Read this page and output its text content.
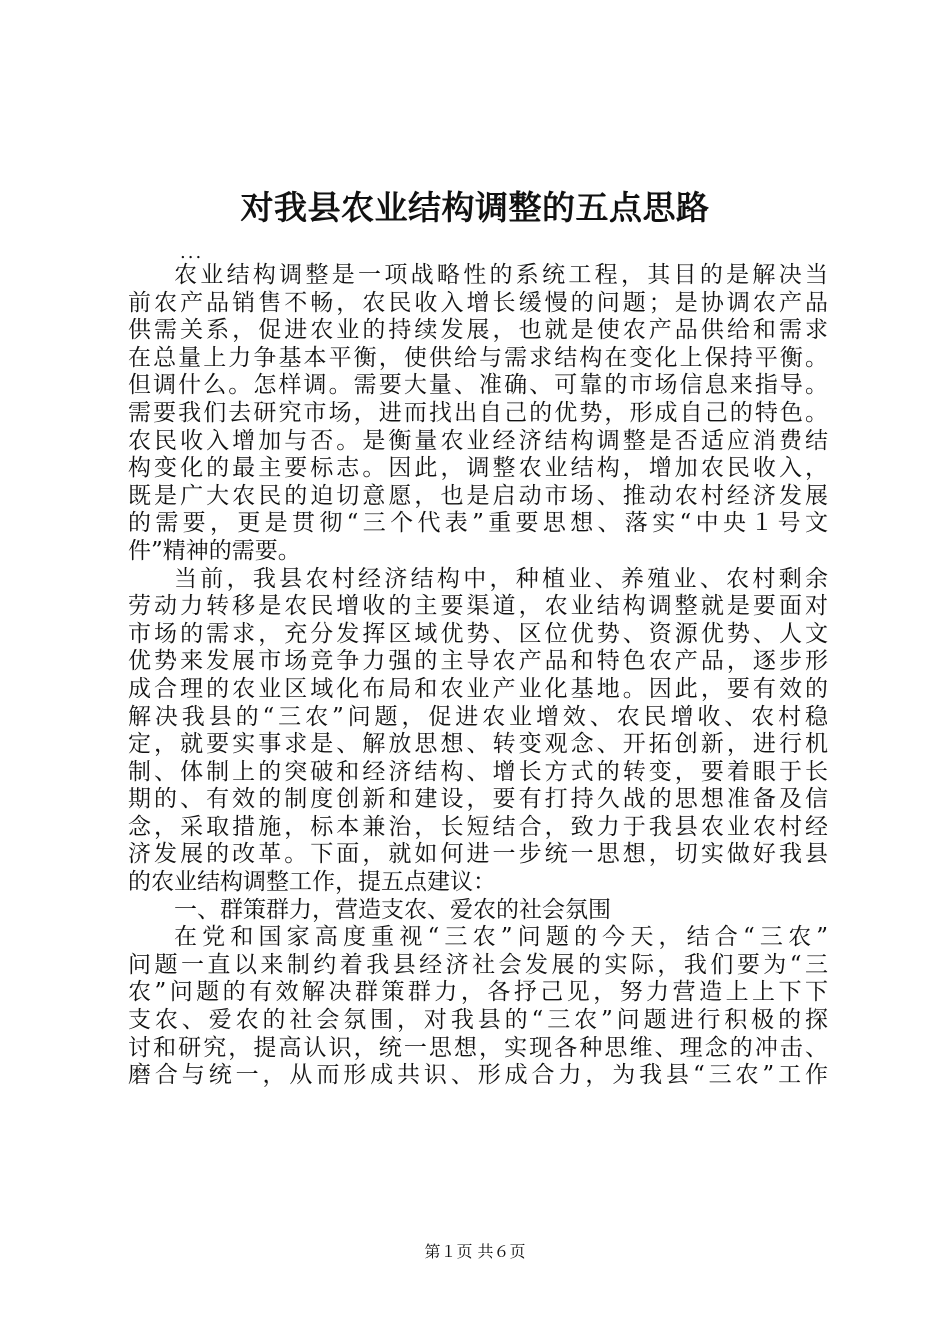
对我县农业结构调整的五点思路
...
农业结构调整是一项战略性的系统工程，其目的是解决当
前农产品销售不畅，农民收入增长缓慢的问题；是协调农产品
供需关系，促进农业的持续发展，也就是使农产品供给和需求
在总量上力争基本平衡，使供给与需求结构在变化上保持平衡。
但调什么。怎样调。需要大量、准确、可靠的市场信息来指导。
需要我们去研究市场，进而找出自己的优势，形成自己的特色。
农民收入增加与否。是衡量农业经济结构调整是否适应消费结
构变化的最主要标志。因此，调整农业结构，增加农民收入，
既是广大农民的迫切意愿，也是启动市场、推动农村经济发展
的需要，更是贯彻“三个代表”重要思想、落实“中央１号文
件”精神的需要。
当前，我县农村经济结构中，种植业、养殖业、农村剩余
劳动力转移是农民增收的主要渠道，农业结构调整就是要面对
市场的需求，充分发挥区域优势、区位优势、资源优势、人文
优势来发展市场竞争力强的主导农产品和特色农产品，逐步形
成合理的农业区域化布局和农业产业化基地。因此，要有效的
解决我县的“三农”问题，促进农业增效、农民增收、农村稳
定，就要实事求是、解放思想、转变观念、开拓创新，进行机
制、体制上的突破和经济结构、增长方式的转变，要着眼于长
期的、有效的制度创新和建设，要有打持久战的思想准备及信
念，采取措施，标本兼治，长短结合，致力于我县农业农村经
济发展的改革。下面，就如何进一步统一思想，切实做好我县
的农业结构调整工作，提五点建议：
一、群策群力，营造支农、爱农的社会氛围
在党和国家高度重视“三农”问题的今天，结合“三农”
问题一直以来制约着我县经济社会发展的实际，我们要为“三
农”问题的有效解决群策群力，各抒己见，努力营造上上下下
支农、爱农的社会氛围，对我县的“三农”问题进行积极的探
讨和研究，提高认识，统一思想，实现各种思维、理念的冲击、
磨合与统一，从而形成共识、形成合力，为我县“三农”工作
第１页 共６页
